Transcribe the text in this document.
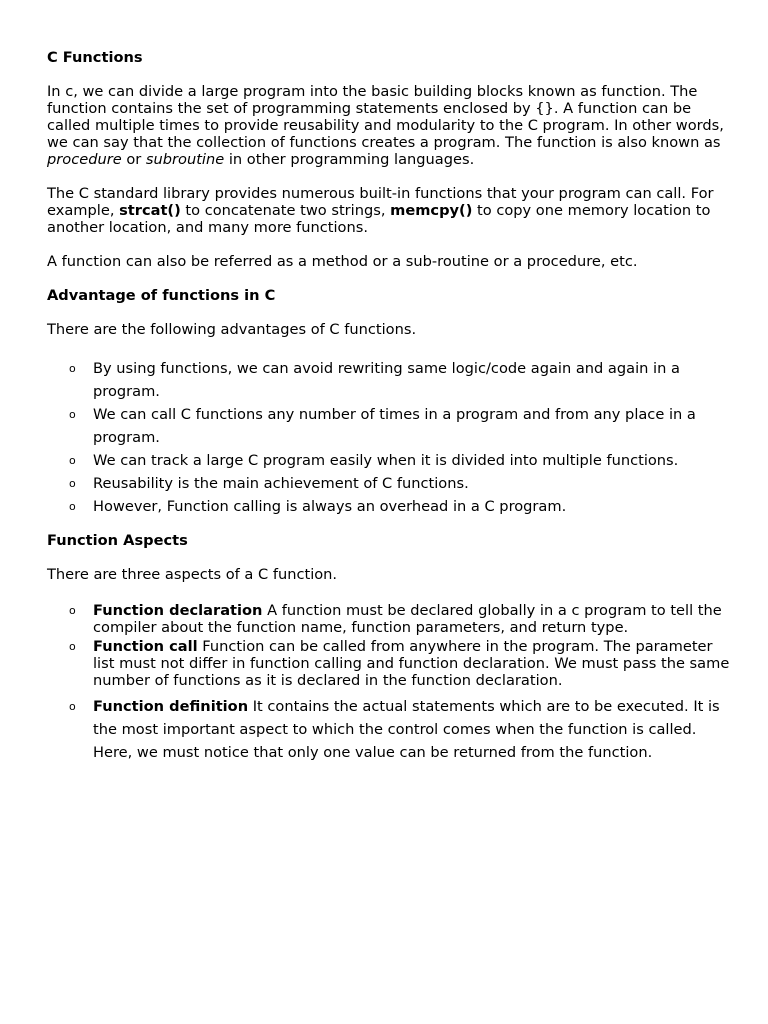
C Functions

In c, we can divide a large program into the basic building blocks known as function. The function contains the set of programming statements enclosed by {}. A function can be called multiple times to provide reusability and modularity to the C program. In other words, we can say that the collection of functions creates a program. The function is also known as procedure or subroutine in other programming languages.

The C standard library provides numerous built-in functions that your program can call. For example, strcat() to concatenate two strings, memcpy() to copy one memory location to another location, and many more functions.

A function can also be referred as a method or a sub-routine or a procedure, etc.

Advantage of functions in C

There are the following advantages of C functions.

o By using functions, we can avoid rewriting same logic/code again and again in a program.
o We can call C functions any number of times in a program and from any place in a program.
o We can track a large C program easily when it is divided into multiple functions.
o Reusability is the main achievement of C functions.
o However, Function calling is always an overhead in a C program.

Function Aspects

There are three aspects of a C function.

o Function declaration A function must be declared globally in a c program to tell the compiler about the function name, function parameters, and return type.
o Function call Function can be called from anywhere in the program. The parameter list must not differ in function calling and function declaration. We must pass the same number of functions as it is declared in the function declaration.
o Function definition It contains the actual statements which are to be executed. It is the most important aspect to which the control comes when the function is called. Here, we must notice that only one value can be returned from the function.
